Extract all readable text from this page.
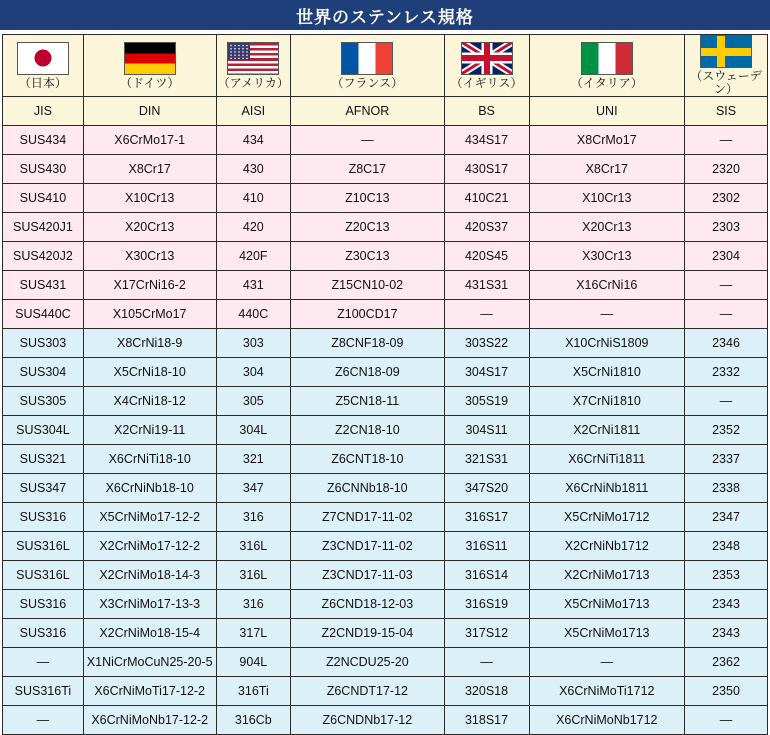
世界のステンレス規格
（日本）	（ドイツ）	（アメリカ）	（フランス）	（イギリス）	（イタリア）	（スウェーデン）

JIS	DIN	AISI	AFNOR	BS	UNI	SIS
SUS434	X6CrMo17-1	434	—	434S17	X8CrMo17	—
SUS430	X8Cr17	430	Z8C17	430S17	X8Cr17	2320
SUS410	X10Cr13	410	Z10C13	410C21	X10Cr13	2302
SUS420J1	X20Cr13	420	Z20C13	420S37	X20Cr13	2303
SUS420J2	X30Cr13	420F	Z30C13	420S45	X30Cr13	2304
SUS431	X17CrNi16-2	431	Z15CN10-02	431S31	X16CrNi16	—
SUS440C	X105CrMo17	440C	Z100CD17	—	—	—
SUS303	X8CrNi18-9	303	Z8CNF18-09	303S22	X10CrNiS1809	2346
SUS304	X5CrNi18-10	304	Z6CN18-09	304S17	X5CrNi1810	2332
SUS305	X4CrNi18-12	305	Z5CN18-11	305S19	X7CrNi1810	—
SUS304L	X2CrNi19-11	304L	Z2CN18-10	304S11	X2CrNi1811	2352
SUS321	X6CrNiTi18-10	321	Z6CNT18-10	321S31	X6CrNiTi1811	2337
SUS347	X6CrNiNb18-10	347	Z6CNNb18-10	347S20	X6CrNiNb1811	2338
SUS316	X5CrNiMo17-12-2	316	Z7CND17-11-02	316S17	X5CrNiMo1712	2347
SUS316L	X2CrNiMo17-12-2	316L	Z3CND17-11-02	316S11	X2CrNiNb1712	2348
SUS316L	X2CrNiMo18-14-3	316L	Z3CND17-11-03	316S14	X2CrNiMo1713	2353
SUS316	X3CrNiMo17-13-3	316	Z6CND18-12-03	316S19	X5CrNiMo1713	2343
SUS316	X2CrNiMo18-15-4	317L	Z2CND19-15-04	317S12	X5CrNiMo1713	2343
—	X1NiCrMoCuN25-20-5	904L	Z2NCDU25-20	—	—	2362
SUS316Ti	X6CrNiMoTi17-12-2	316Ti	Z6CNDT17-12	320S18	X6CrNiMoTi1712	2350
—	X6CrNiMoNb17-12-2	316Cb	Z6CNDNb17-12	318S17	X6CrNiMoNb1712	—
